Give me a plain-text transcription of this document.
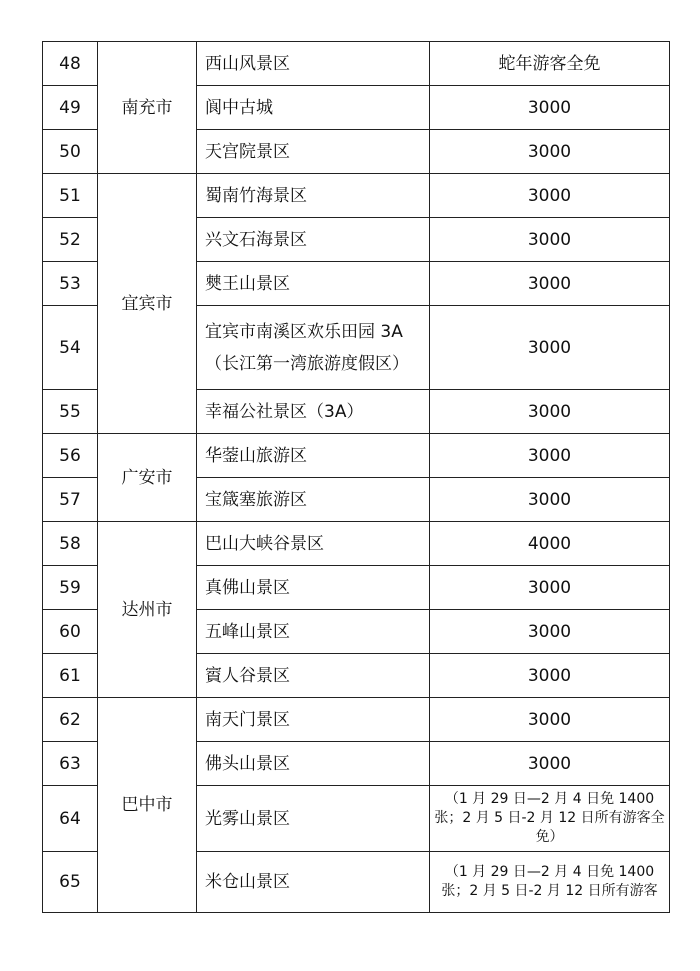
48	南充市	西山风景区	蛇年游客全免
49		阆中古城	3000
50		天宫院景区	3000
51	宜宾市	蜀南竹海景区	3000
52		兴文石海景区	3000
53		僰王山景区	3000
54		宜宾市南溪区欢乐田园 3A
（长江第一湾旅游度假区）	3000
55		幸福公社景区（3A）	3000
56	广安市	华蓥山旅游区	3000
57		宝箴塞旅游区	3000
58	达州市	巴山大峡谷景区	4000
59		真佛山景区	3000
60		五峰山景区	3000
61		賨人谷景区	3000
62	巴中市	南天门景区	3000
63		佛头山景区	3000
64		光雾山景区	（1 月 29 日—2 月 4 日免 1400 张；2 月 5 日-2 月 12 日所有游客全免）
65		米仓山景区	（1 月 29 日—2 月 4 日免 1400 张；2 月 5 日-2 月 12 日所有游客
